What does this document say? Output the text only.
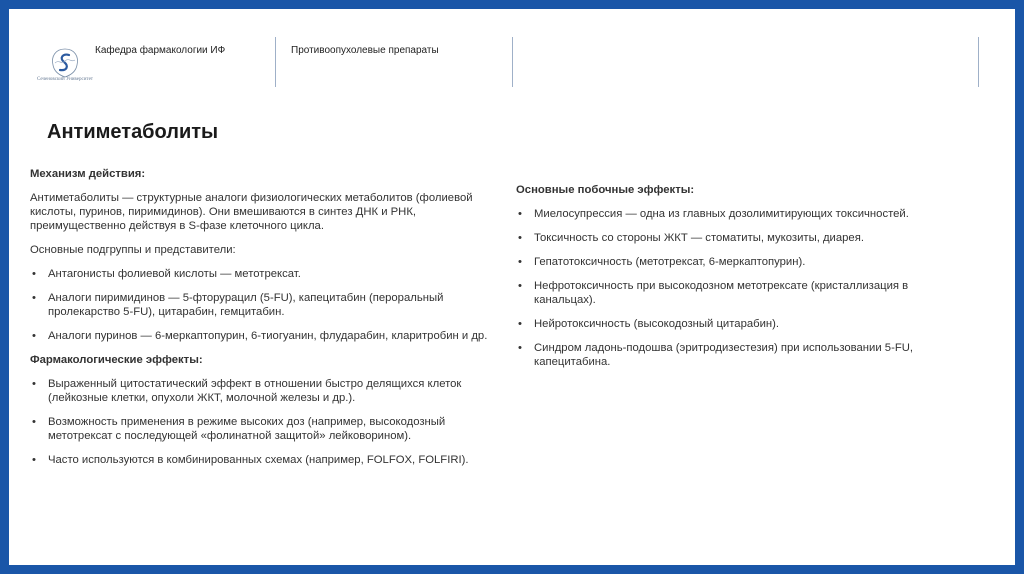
Сеченовский Университет
Кафедра фармакологии ИФ	Противоопухолевые препараты
Антиметаболиты
Механизм действия:

Антиметаболиты — структурные аналоги физиологических метаболитов (фолиевой кислоты, пуринов, пиримидинов). Они вмешиваются в синтез ДНК и РНК, преимущественно действуя в S-фазе клеточного цикла.

Основные подгруппы и представители:

• Антагонисты фолиевой кислоты — метотрексат.
• Аналоги пиримидинов — 5-фторурацил (5-FU), капецитабин (пероральный пролекарство 5-FU), цитарабин, гемцитабин.
• Аналоги пуринов — 6-меркаптопурин, 6-тиогуанин, флударабин, кларитробин и др.
Фармакологические эффекты:
• Выраженный цитостатический эффект в отношении быстро делящихся клеток (лейкозные клетки, опухоли ЖКТ, молочной железы и др.).
• Возможность применения в режиме высоких доз (например, высокодозный метотрексат с последующей «фолинатной защитой» лейковорином).
• Часто используются в комбинированных схемах (например, FOLFOX, FOLFIRI).
Основные побочные эффекты:
• Миелосупрессия — одна из главных дозолимитирующих токсичностей.
• Токсичность со стороны ЖКТ — стоматиты, мукозиты, диарея.
• Гепатотоксичность (метотрексат, 6-меркаптопурин).
• Нефротоксичность при высокодозном метотрексате (кристаллизация в канальцах).
• Нейротоксичность (высокодозный цитарабин).
• Синдром ладонь-подошва (эритродизестезия) при использовании 5-FU, капецитабина.
